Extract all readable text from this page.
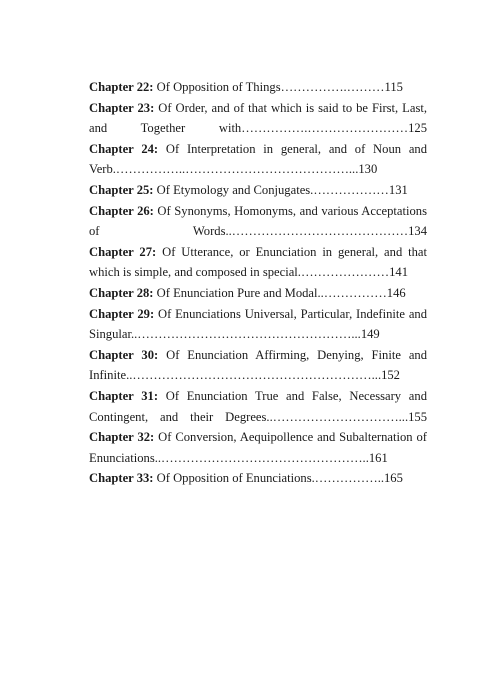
Chapter 22: Of Opposition of Things…………….………115

Chapter 23: Of Order, and of that which is said to be First, Last, and Together with…………….……………………125

Chapter 24: Of Interpretation in general, and of Noun and Verb.……………..…………………………………...130

Chapter 25: Of Etymology and Conjugates.………………131

Chapter 26: Of Synonyms, Homonyms, and various Acceptations of Words..……………………………………134

Chapter 27: Of Utterance, or Enunciation in general, and that which is simple, and composed in special.…………………141

Chapter 28: Of Enunciation Pure and Modal..……………146

Chapter 29: Of Enunciations Universal, Particular, Indefinite and Singular..……………………………………………...149

Chapter 30: Of Enunciation Affirming, Denying, Finite and Infinite..…………………………………………………...152

Chapter 31: Of Enunciation True and False, Necessary and Contingent, and their Degrees..…………………………...155

Chapter 32: Of Conversion, Aequipollence and Subalternation of Enunciations..…………………………………………..161

Chapter 33: Of Opposition of Enunciations.……………..165
